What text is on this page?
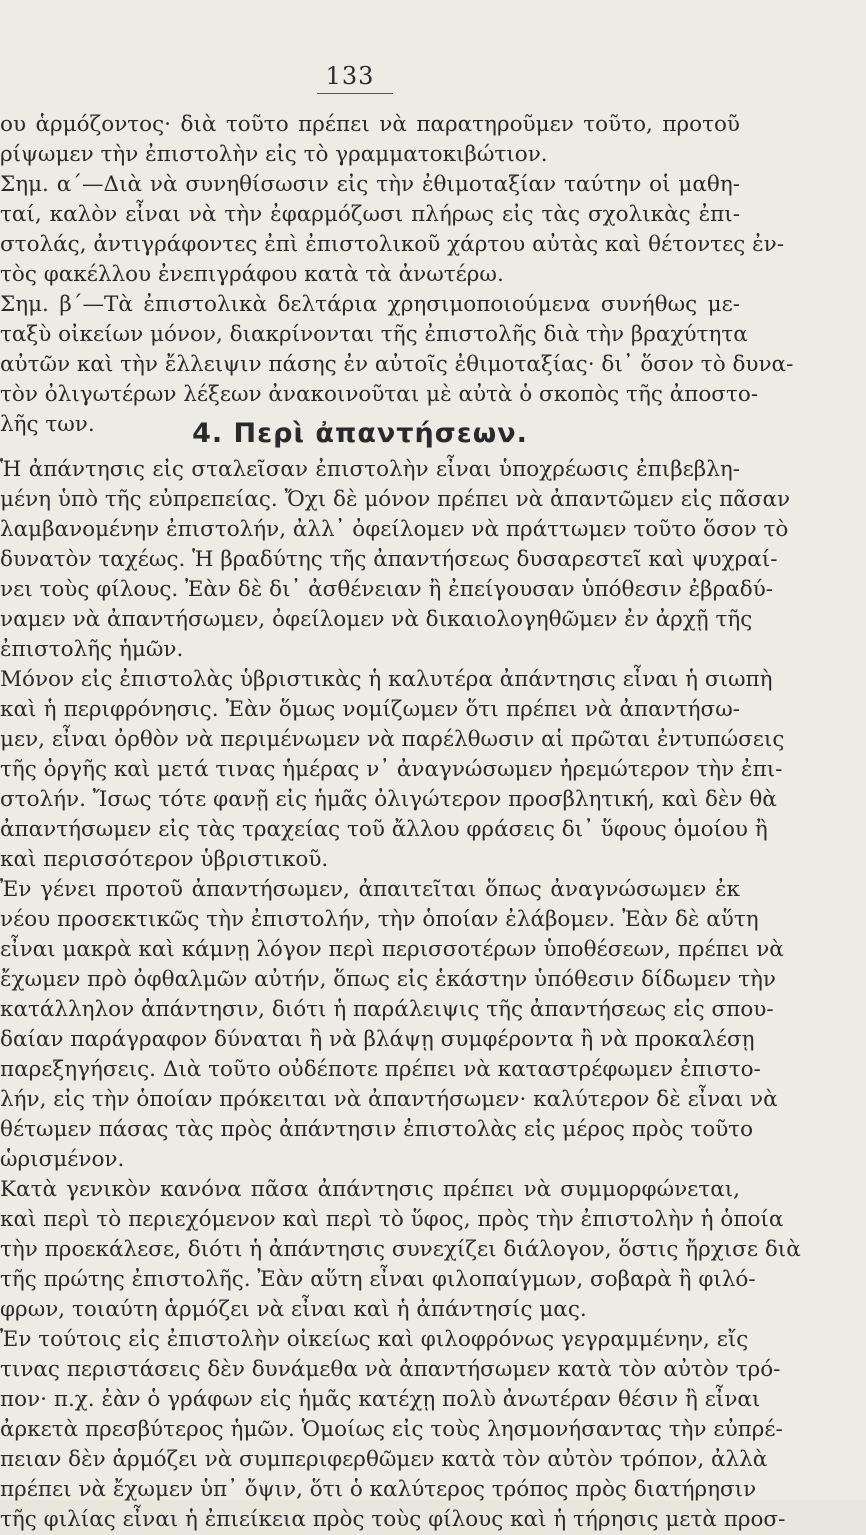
133
ου ἁρμόζοντος· διὰ τοῦτο πρέπει νὰ παρατηροῦμεν τοῦτο, προτοῦ
ρίψωμεν τὴν ἐπιστολὴν εἰς τὸ γραμματοκιβώτιον.
Σημ. α΄—Διὰ νὰ συνηθίσωσιν εἰς τὴν ἐθιμοταξίαν ταύτην οἱ μαθη-
ταί, καλὸν εἶναι νὰ τὴν ἐφαρμόζωσι πλήρως εἰς τὰς σχολικὰς ἐπι-
στολάς, ἀντιγράφοντες ἐπὶ ἐπιστολικοῦ χάρτου αὐτὰς καὶ θέτοντες ἐν-
τὸς φακέλλου ἐνεπιγράφου κατὰ τὰ ἀνωτέρω.
Σημ. β΄—Τὰ ἐπιστολικὰ δελτάρια χρησιμοποιούμενα συνήθως με-
ταξὺ οἰκείων μόνον, διακρίνονται τῆς ἐπιστολῆς διὰ τὴν βραχύτητα
αὐτῶν καὶ τὴν ἔλλειψιν πάσης ἐν αὐτοῖς ἐθιμοταξίας· δι᾽ ὅσον τὸ δυνα-
τὸν ὀλιγωτέρων λέξεων ἀνακοινοῦται μὲ αὐτὰ ὁ σκοπὸς τῆς ἀποστο-
λῆς των.	4. Περὶ ἀπαντήσεων.
Ἡ ἀπάντησις εἰς σταλεῖσαν ἐπιστολὴν εἶναι ὑποχρέωσις ἐπιβεβλη-
μένη ὑπὸ τῆς εὐπρεπείας. Ὄχι δὲ μόνον πρέπει νὰ ἀπαντῶμεν εἰς πᾶσαν
λαμβανομένην ἐπιστολήν, ἀλλ᾽ ὀφείλομεν νὰ πράττωμεν τοῦτο ὅσον τὸ
δυνατὸν ταχέως. Ἡ βραδύτης τῆς ἀπαντήσεως δυσαρεστεῖ καὶ ψυχραί-
νει τοὺς φίλους. Ἐὰν δὲ δι᾽ ἀσθένειαν ἢ ἐπείγουσαν ὑπόθεσιν ἐβραδύ-
ναμεν νὰ ἀπαντήσωμεν, ὀφείλομεν νὰ δικαιολογηθῶμεν ἐν ἀρχῇ τῆς
ἐπιστολῆς ἡμῶν.
Μόνον εἰς ἐπιστολὰς ὑβριστικὰς ἡ καλυτέρα ἀπάντησις εἶναι ἡ σιωπὴ
καὶ ἡ περιφρόνησις. Ἐὰν ὅμως νομίζωμεν ὅτι πρέπει νὰ ἀπαντήσω-
μεν, εἶναι ὀρθὸν νὰ περιμένωμεν νὰ παρέλθωσιν αἱ πρῶται ἐντυπώσεις
τῆς ὀργῆς καὶ μετά τινας ἡμέρας ν᾽ ἀναγνώσωμεν ἠρεμώτερον τὴν ἐπι-
στολήν. Ἴσως τότε φανῇ εἰς ἡμᾶς ὀλιγώτερον προσβλητική, καὶ δὲν θὰ
ἀπαντήσωμεν εἰς τὰς τραχείας τοῦ ἄλλου φράσεις δι᾽ ὕφους ὁμοίου ἢ
καὶ περισσότερον ὑβριστικοῦ.
Ἐν γένει προτοῦ ἀπαντήσωμεν, ἀπαιτεῖται ὅπως ἀναγνώσωμεν ἐκ
νέου προσεκτικῶς τὴν ἐπιστολήν, τὴν ὁποίαν ἐλάβομεν. Ἐὰν δὲ αὕτη
εἶναι μακρὰ καὶ κάμνῃ λόγον περὶ περισσοτέρων ὑποθέσεων, πρέπει νὰ
ἔχωμεν πρὸ ὀφθαλμῶν αὐτήν, ὅπως εἰς ἑκάστην ὑπόθεσιν δίδωμεν τὴν
κατάλληλον ἀπάντησιν, διότι ἡ παράλειψις τῆς ἀπαντήσεως εἰς σπου-
δαίαν παράγραφον δύναται ἢ νὰ βλάψῃ συμφέροντα ἢ νὰ προκαλέσῃ
παρεξηγήσεις. Διὰ τοῦτο οὐδέποτε πρέπει νὰ καταστρέφωμεν ἐπιστο-
λήν, εἰς τὴν ὁποίαν πρόκειται νὰ ἀπαντήσωμεν· καλύτερον δὲ εἶναι νὰ
θέτωμεν πάσας τὰς πρὸς ἀπάντησιν ἐπιστολὰς εἰς μέρος πρὸς τοῦτο
ὡρισμένον.
Κατὰ γενικὸν κανόνα πᾶσα ἀπάντησις πρέπει νὰ συμμορφώνεται,
καὶ περὶ τὸ περιεχόμενον καὶ περὶ τὸ ὕφος, πρὸς τὴν ἐπιστολὴν ἡ ὁποία
τὴν προεκάλεσε, διότι ἡ ἀπάντησις συνεχίζει διάλογον, ὅστις ἤρχισε διὰ
τῆς πρώτης ἐπιστολῆς. Ἐὰν αὕτη εἶναι φιλοπαίγμων, σοβαρὰ ἢ φιλό-
φρων, τοιαύτη ἁρμόζει νὰ εἶναι καὶ ἡ ἀπάντησίς μας.
Ἐν τούτοις εἰς ἐπιστολὴν οἰκείως καὶ φιλοφρόνως γεγραμμένην, εἴς
τινας περιστάσεις δὲν δυνάμεθα νὰ ἀπαντήσωμεν κατὰ τὸν αὐτὸν τρό-
πον· π.χ. ἐὰν ὁ γράφων εἰς ἡμᾶς κατέχῃ πολὺ ἀνωτέραν θέσιν ἢ εἶναι
ἀρκετὰ πρεσβύτερος ἡμῶν. Ὁμοίως εἰς τοὺς λησμονήσαντας τὴν εὐπρέ-
πειαν δὲν ἁρμόζει νὰ συμπεριφερθῶμεν κατὰ τὸν αὐτὸν τρόπον, ἀλλὰ
πρέπει νὰ ἔχωμεν ὑπ᾽ ὄψιν, ὅτι ὁ καλύτερος τρόπος πρὸς διατήρησιν
τῆς φιλίας εἶναι ἡ ἐπιείκεια πρὸς τοὺς φίλους καὶ ἡ τήρησις μετὰ προσ-
